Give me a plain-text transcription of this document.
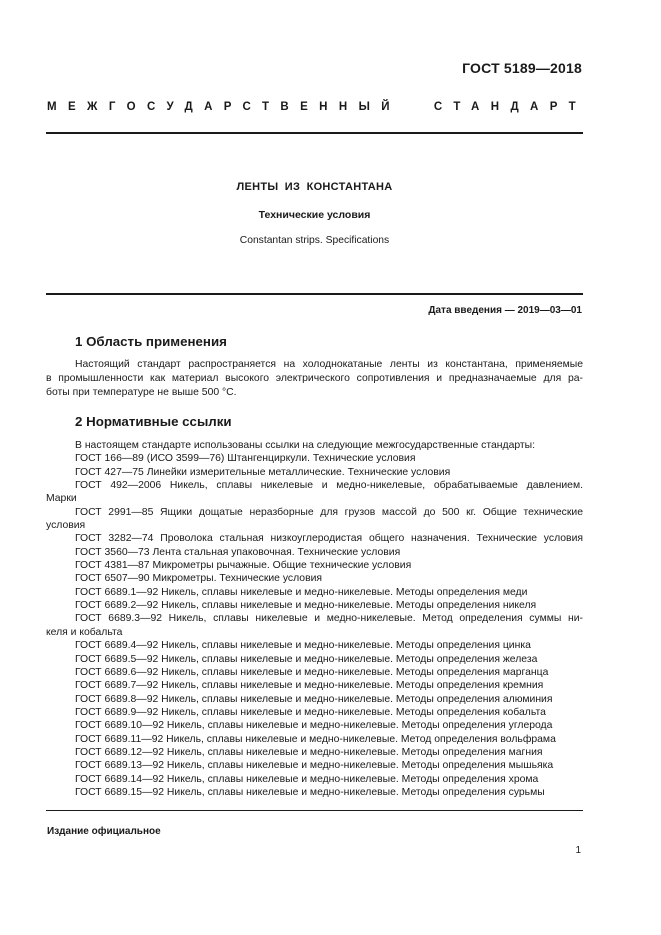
ГОСТ 5189—2018
МЕЖГОСУДАРСТВЕННЫЙ	СТАНДАРТ
ЛЕНТЫ ИЗ КОНСТАНТАНА
Технические условия
Constantan strips. Specifications
Дата введения — 2019—03—01
1 Область применения
Настоящий стандарт распространяется на холоднокатаные ленты из константана, применяемые
в промышленности как материал высокого электрического сопротивления и предназначаемые для ра-
боты при температуре не выше 500 °С.
2 Нормативные ссылки
В настоящем стандарте использованы ссылки на следующие межгосударственные стандарты:
ГОСТ 166—89 (ИСО 3599—76) Штангенциркули. Технические условия
ГОСТ 427—75 Линейки измерительные металлические. Технические условия
ГОСТ 492—2006 Никель, сплавы никелевые и медно-никелевые, обрабатываемые давлением.
Марки
ГОСТ 2991—85 Ящики дощатые неразборные для грузов массой до 500 кг. Общие технические
условия
ГОСТ 3282—74 Проволока стальная низкоуглеродистая общего назначения. Технические условия
ГОСТ 3560—73 Лента стальная упаковочная. Технические условия
ГОСТ 4381—87 Микрометры рычажные. Общие технические условия
ГОСТ 6507—90 Микрометры. Технические условия
ГОСТ 6689.1—92 Никель, сплавы никелевые и медно-никелевые. Методы определения меди
ГОСТ 6689.2—92 Никель, сплавы никелевые и медно-никелевые. Методы определения никеля
ГОСТ 6689.3—92 Никель, сплавы никелевые и медно-никелевые. Метод определения суммы ни-
келя и кобальта
ГОСТ 6689.4—92 Никель, сплавы никелевые и медно-никелевые. Методы определения цинка
ГОСТ 6689.5—92 Никель, сплавы никелевые и медно-никелевые. Методы определения железа
ГОСТ 6689.6—92 Никель, сплавы никелевые и медно-никелевые. Методы определения марганца
ГОСТ 6689.7—92 Никель, сплавы никелевые и медно-никелевые. Методы определения кремния
ГОСТ 6689.8—92 Никель, сплавы никелевые и медно-никелевые. Методы определения алюминия
ГОСТ 6689.9—92 Никель, сплавы никелевые и медно-никелевые. Методы определения кобальта
ГОСТ 6689.10—92 Никель, сплавы никелевые и медно-никелевые. Методы определения углерода
ГОСТ 6689.11—92 Никель, сплавы никелевые и медно-никелевые. Метод определения вольфрама
ГОСТ 6689.12—92 Никель, сплавы никелевые и медно-никелевые. Методы определения магния
ГОСТ 6689.13—92 Никель, сплавы никелевые и медно-никелевые. Методы определения мышьяка
ГОСТ 6689.14—92 Никель, сплавы никелевые и медно-никелевые. Методы определения хрома
ГОСТ 6689.15—92 Никель, сплавы никелевые и медно-никелевые. Методы определения сурьмы
Издание официальное
1
